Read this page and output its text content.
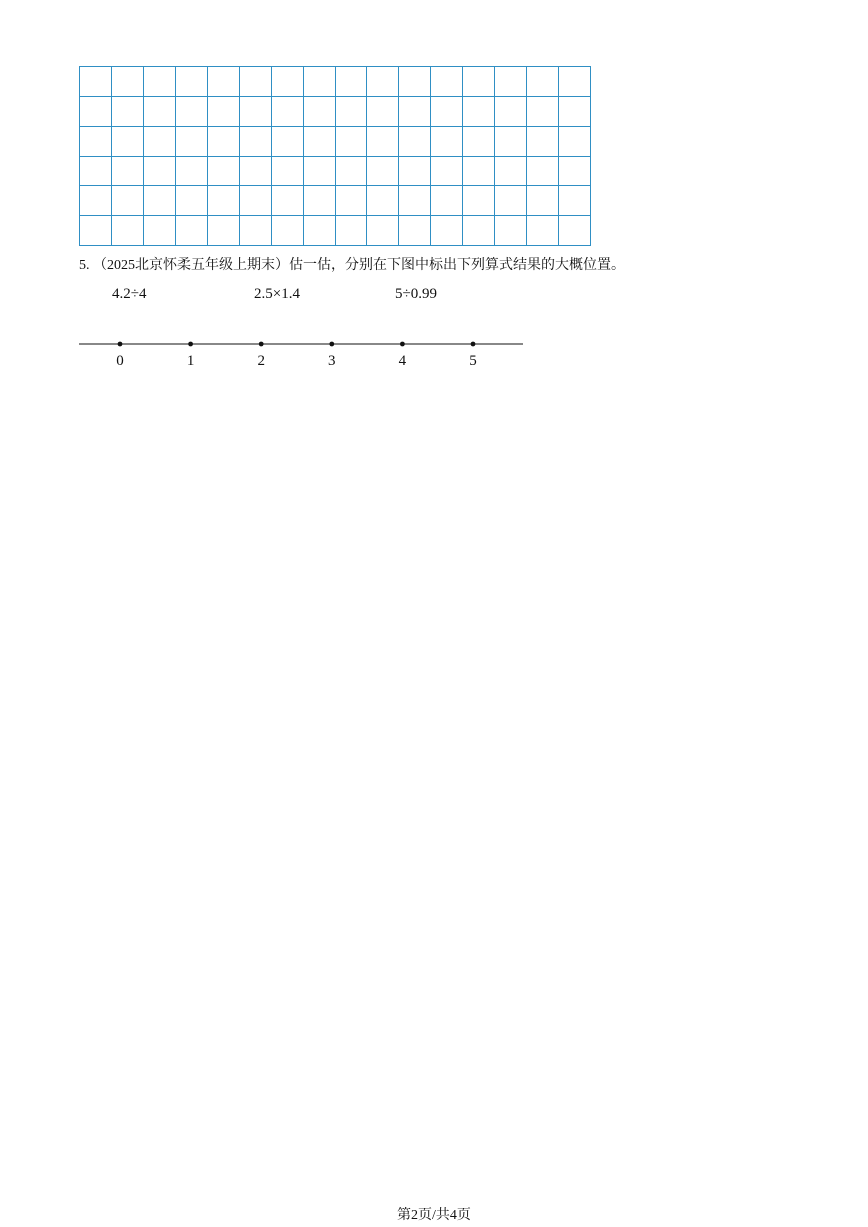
5. （2025北京怀柔五年级上期末）估一估，分别在下图中标出下列算式结果的大概位置。
4.2÷4	2.5×1.4	5÷0.99
0	1	2	3	4	5
第2页/共4页
